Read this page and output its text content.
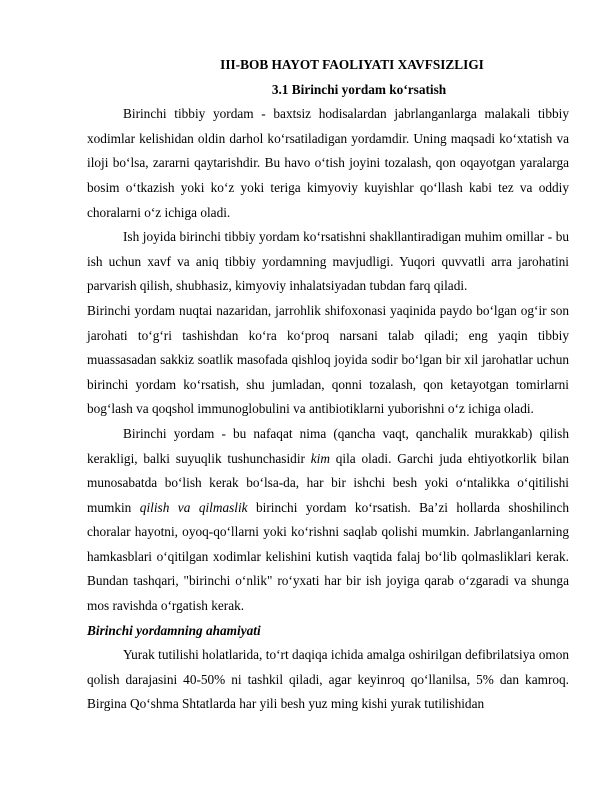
III-BOB HAYOT FAOLIYATI XAVFSIZLIGI

3.1 Birinchi yordam ko‘rsatish

Birinchi tibbiy yordam - baxtsiz hodisalardan jabrlanganlarga malakali tibbiy xodimlar kelishidan oldin darhol ko‘rsatiladigan yordamdir. Uning maqsadi ko‘xtatish va iloji bo‘lsa, zararni qaytarishdir. Bu havo o‘tish joyini tozalash, qon oqayotgan yaralarga bosim o‘tkazish yoki ko‘z yoki teriga kimyoviy kuyishlar qo‘llash kabi tez va oddiy choralarni o‘z ichiga oladi.

Ish joyida birinchi tibbiy yordam ko‘rsatishni shakllantiradigan muhim omillar - bu ish uchun xavf va aniq tibbiy yordamning mavjudligi. Yuqori quvvatli arra jarohatini parvarish qilish, shubhasiz, kimyoviy inhalatsiyadan tubdan farq qiladi.

Birinchi yordam nuqtai nazaridan, jarrohlik shifoxonasi yaqinida paydo bo‘lgan og‘ir son jarohati to‘g‘ri tashishdan ko‘ra ko‘proq narsani talab qiladi; eng yaqin tibbiy muassasadan sakkiz soatlik masofada qishloq joyida sodir bo‘lgan bir xil jarohatlar uchun birinchi yordam ko‘rsatish, shu jumladan, qonni tozalash, qon ketayotgan tomirlarni bog‘lash va qoqshol immunoglobulini va antibiotiklarni yuborishni o‘z ichiga oladi.

Birinchi yordam - bu nafaqat nima (qancha vaqt, qanchalik murakkab) qilish kerakligi, balki suyuqlik tushunchasidir kim qila oladi. Garchi juda ehtiyotkorlik bilan munosabatda bo‘lish kerak bo‘lsa-da, har bir ishchi besh yoki o‘ntalikka o‘qitilishi mumkin qilish va qilmaslik birinchi yordam ko‘rsatish. Ba’zi hollarda shoshilinch choralar hayotni, oyoq-qo‘llarni yoki ko‘rishni saqlab qolishi mumkin. Jabrlanganlarning hamkasblari o‘qitilgan xodimlar kelishini kutish vaqtida falaj bo‘lib qolmasliklari kerak. Bundan tashqari, "birinchi o‘nlik" ro‘yxati har bir ish joyiga qarab o‘zgaradi va shunga mos ravishda o‘rgatish kerak.

Birinchi yordamning ahamiyati

Yurak tutilishi holatlarida, to‘rt daqiqa ichida amalga oshirilgan defibrilatsiya omon qolish darajasini 40-50% ni tashkil qiladi, agar keyinroq qo‘llanilsa, 5% dan kamroq. Birgina Qo‘shma Shtatlarda har yili besh yuz ming kishi yurak tutilishidan
